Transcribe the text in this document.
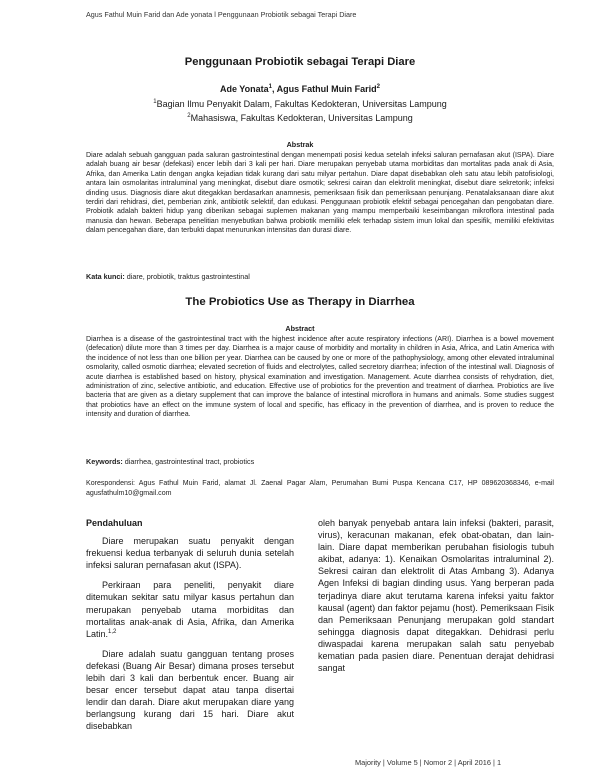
Agus Fathul Muin Farid dan Ade yonata l Penggunaan Probiotik sebagai Terapi Diare
Penggunaan Probiotik sebagai Terapi Diare
Ade Yonata$^1$, Agus Fathul Muin Farid$^2$
$^1$Bagian Ilmu Penyakit Dalam, Fakultas Kedokteran, Universitas Lampung
$^2$Mahasiswa, Fakultas Kedokteran, Universitas Lampung
Abstrak
Diare adalah sebuah gangguan pada saluran gastrointestinal dengan menempati posisi kedua setelah infeksi saluran pernafasan akut (ISPA). Diare adalah buang air besar (defekasi) encer lebih dari 3 kali per hari. Diare merupakan penyebab utama morbiditas dan mortalitas pada anak di Asia, Afrika, dan Amerika Latin dengan angka kejadian tidak kurang dari satu milyar pertahun. Diare dapat disebabkan oleh satu atau lebih patofisiologi, antara lain osmolaritas intraluminal yang meningkat, disebut diare osmotik; sekresi cairan dan elektrolit meningkat, disebut diare sekretorik; infeksi dinding usus. Diagnosis diare akut ditegakkan berdasarkan anamnesis, pemeriksaan fisik dan pemeriksaan penunjang. Penatalaksanaan diare akut terdiri dari rehidrasi, diet, pemberian zink, antibiotik selektif, dan edukasi. Penggunaan probiotik efektif sebagai pencegahan dan pengobatan diare. Probiotik adalah bakteri hidup yang diberikan sebagai suplemen makanan yang mampu memperbaiki keseimbangan mikroflora intestinal pada manusia dan hewan. Beberapa penelitian menyebutkan bahwa probiotik memiliki efek terhadap sistem imun lokal dan spesifik, memiliki efektivitas dalam pencegahan diare, dan terbukti dapat menurunkan intensitas dan durasi diare.
Kata kunci: diare, probiotik, traktus gastrointestinal
The Probiotics Use as Therapy in Diarrhea
Abstract
Diarrhea is a disease of the gastrointestinal tract with the highest incidence after acute respiratory infections (ARI). Diarrhea is a bowel movement (defecation) dilute more than 3 times per day. Diarrhea is a major cause of morbidity and mortality in children in Asia, Africa, and Latin America with the incidence of not less than one billion per year. Diarrhea can be caused by one or more of the pathophysiology, among other elevated intraluminal osmolarity, called osmotic diarrhea; elevated secretion of fluids and electrolytes, called secretory diarrhea; infection of the intestinal wall. Diagnosis of acute diarrhea is established based on history, physical examination and investigation. Management. Acute diarrhea consists of rehydration, diet, administration of zinc, selective antibiotic, and education. Effective use of probiotics for the prevention and treatment of diarrhea. Probiotics are live bacteria that are given as a dietary supplement that can improve the balance of intestinal microflora in humans and animals. Some studies suggest that probiotics have an effect on the immune system of local and specific, has efficacy in the prevention of diarrhea, and is proven to reduce the intensity and duration of diarrhea.
Keywords: diarrhea, gastrointestinal tract, probiotics
Korespondensi: Agus Fathul Muin Farid, alamat Jl. Zaenal Pagar Alam, Perumahan Bumi Puspa Kencana C17, HP 089620368346, e-mail agusfathulm10@gmail.com
Pendahuluan

Diare merupakan suatu penyakit dengan frekuensi kedua terbanyak di seluruh dunia setelah infeksi saluran pernafasan akut (ISPA).

Perkiraan para peneliti, penyakit diare ditemukan sekitar satu milyar kasus pertahun dan merupakan penyebab utama morbiditas dan mortalitas anak-anak di Asia, Afrika, dan Amerika Latin.$^{1,2}$

Diare adalah suatu gangguan tentang proses defekasi (Buang Air Besar) dimana proses tersebut lebih dari 3 kali dan berbentuk encer. Buang air besar encer tersebut dapat atau tanpa disertai lendir dan darah. Diare akut merupakan diare yang berlangsung kurang dari 15 hari. Diare akut disebabkan

oleh banyak penyebab antara lain infeksi (bakteri, parasit, virus), keracunan makanan, efek obat-obatan, dan lain-lain. Diare dapat memberikan perubahan fisiologis tubuh akibat, adanya: 1). Kenaikan Osmolaritas intraluminal 2). Sekresi cairan dan elektrolit di Atas Ambang 3). Adanya Agen Infeksi di bagian dinding usus. Yang berperan pada terjadinya diare akut terutama karena infeksi yaitu faktor kausal (agent) dan faktor pejamu (host). Pemeriksaan Fisik dan Pemeriksaan Penunjang merupakan gold standart sehingga diagnosis dapat ditegakkan. Dehidrasi perlu diwaspadai karena merupakan salah satu penyebab kematian pada pasien diare. Penentuan derajat dehidrasi sangat
Majority | Volume 5 | Nomor 2 | April 2016 | 1
